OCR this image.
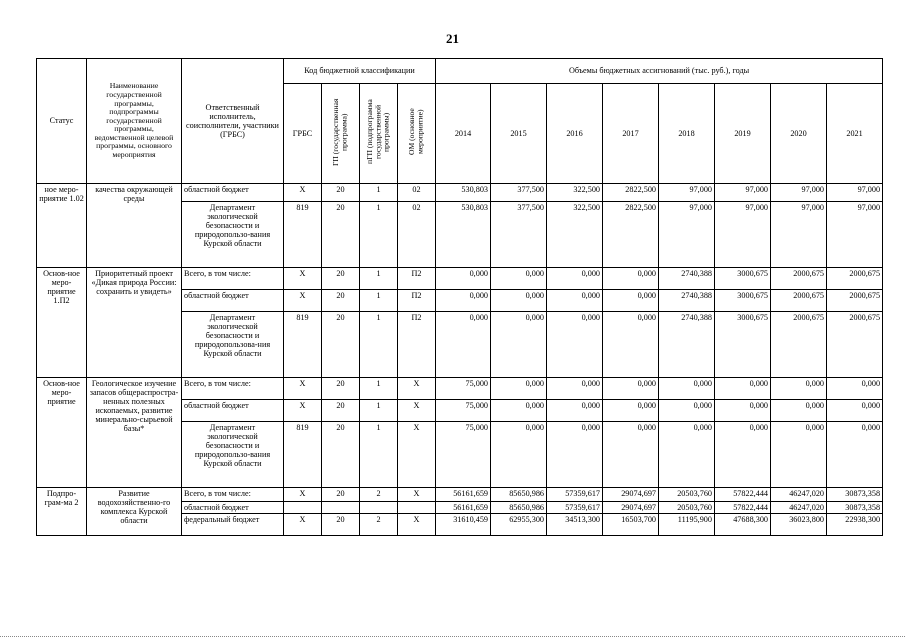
21
Статус	Наименование государственной программы, подпрограммы государственной программы, ведомственной целевой программы, основного мероприятия	Ответственный исполнитель, соисполнители, участники (ГРБС)	Код бюджетной классификации				Объемы бюджетных ассигнований (тыс. руб.), годы							
			ГРБС	ГП (государственная программа)	пГП (подпрограмма государственной программы)	ОМ (основное мероприятие)	2014	2015	2016	2017	2018	2019	2020	2021
ное меро-приятие 1.02	качества окружающей среды	областной бюджет	X	20	1	02	530,803	377,500	322,500	2822,500	97,000	97,000	97,000	97,000
		Департамент экологической безопасности и природопользо-вания Курской области	819	20	1	02	530,803	377,500	322,500	2822,500	97,000	97,000	97,000	97,000
Основ-ное меро-приятие 1.П2	Приоритетный проект «Дикая природа России: сохранить и увидеть»	Всего, в том числе:	X	20	1	П2	0,000	0,000	0,000	0,000	2740,388	3000,675	2000,675	2000,675
		областной бюджет	X	20	1	П2	0,000	0,000	0,000	0,000	2740,388	3000,675	2000,675	2000,675
		Департамент экологической безопасности и природопользова-ния Курской области	819	20	1	П2	0,000	0,000	0,000	0,000	2740,388	3000,675	2000,675	2000,675
Основ-ное меро-приятие	Геологическое изучение запасов общераспростра-ненных полезных ископаемых, развитие минерально-сырьевой базы*	Всего, в том числе:	X	20	1	X	75,000	0,000	0,000	0,000	0,000	0,000	0,000	0,000
		областной бюджет	X	20	1	X	75,000	0,000	0,000	0,000	0,000	0,000	0,000	0,000
		Департамент экологической безопасности и природопользо-вания Курской области	819	20	1	X	75,000	0,000	0,000	0,000	0,000	0,000	0,000	0,000
Подпро-грам-ма 2	Развитие водохозяйственно-го комплекса Курской области	Всего, в том числе:	X	20	2	X	56161,659	85650,986	57359,617	29074,697	20503,760	57822,444	46247,020	30873,358
		областной бюджет					56161,659	85650,986	57359,617	29074,697	20503,760	57822,444	46247,020	30873,358
		федеральный бюджет	X	20	2	X	31610,459	62955,300	34513,300	16503,700	11195,900	47688,300	36023,800	22938,300
